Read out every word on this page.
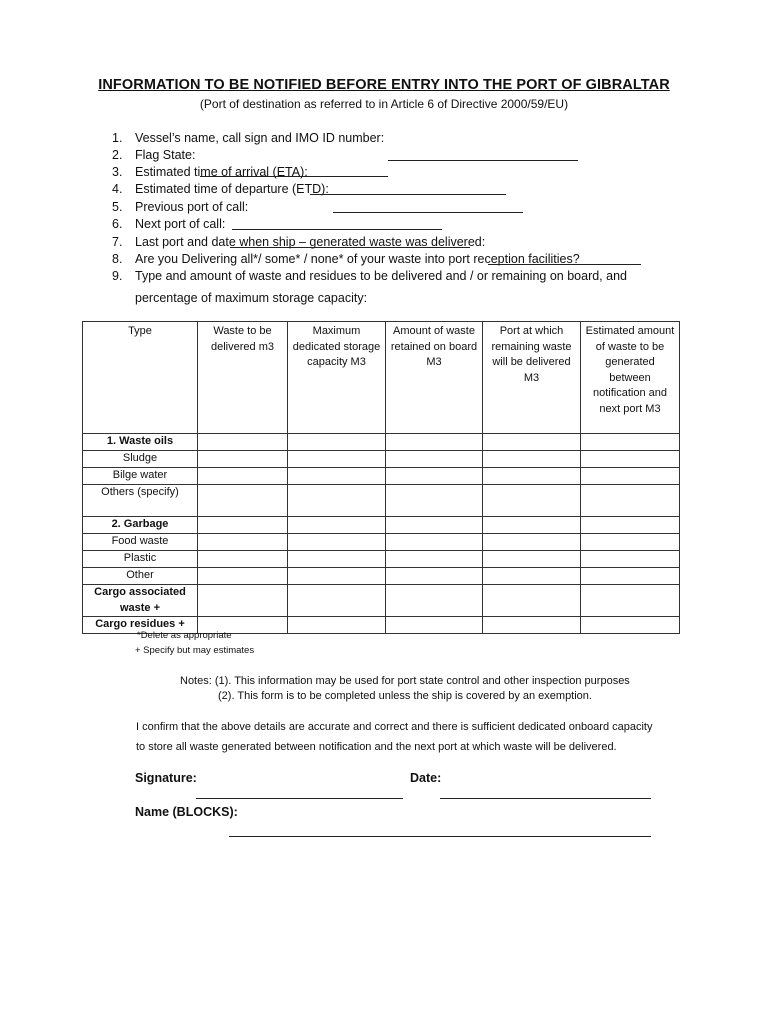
INFORMATION TO BE NOTIFIED BEFORE ENTRY INTO THE PORT OF GIBRALTAR
(Port of destination as referred to in Article 6 of Directive 2000/59/EU)
1. Vessel’s name, call sign and IMO ID number:
2. Flag State:
3. Estimated time of arrival (ETA):
4. Estimated time of departure (ETD):
5. Previous port of call:
6. Next port of call:
7. Last port and date when ship – generated waste was delivered:
8. Are you Delivering all*/ some* / none* of your waste into port reception facilities?
9. Type and amount of waste and residues to be delivered and / or remaining on board, and
percentage of maximum storage capacity:
Type	Waste to be delivered m3	Maximum dedicated storage capacity M3	Amount of waste retained on board M3	Port at which remaining waste will be delivered M3	Estimated amount of waste to be generated between notification and next port M3
1. Waste oils					
Sludge					
Bilge water					
Others (specify)					
2. Garbage					
Food waste					
Plastic					
Other					
Cargo associated waste +					
Cargo residues +					
*Delete as appropriate
+ Specify but may estimates
Notes: (1). This information may be used for port state control and other inspection purposes
(2). This form is to be completed unless the ship is covered by an exemption.
I confirm that the above details are accurate and correct and there is sufficient dedicated onboard capacity
to store all waste generated between notification and the next port at which waste will be delivered.
Signature:	Date:
Name (BLOCKS):
